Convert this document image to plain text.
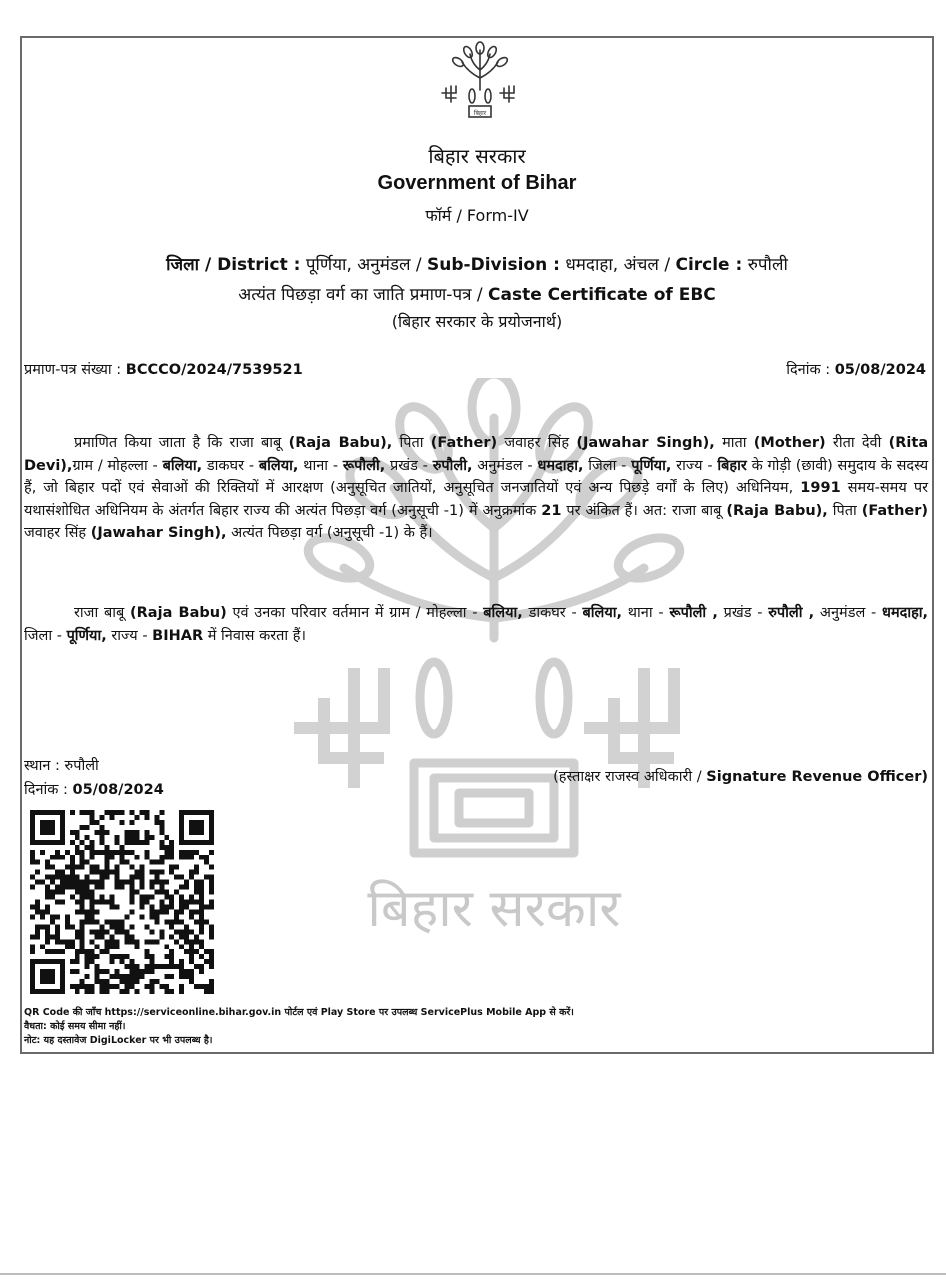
बिहार सरकार
बिहार
बिहार सरकार
Government of Bihar
फॉर्म / Form-IV
जिला / District : पूर्णिया, अनुमंडल / Sub-Division : धमदाहा, अंचल / Circle : रुपौली
अत्यंत पिछड़ा वर्ग का जाति प्रमाण-पत्र / Caste Certificate of EBC
(बिहार सरकार के प्रयोजनार्थ)
प्रमाण-पत्र संख्या : BCCCO/2024/7539521	दिनांक : 05/08/2024
प्रमाणित किया जाता है कि राजा बाबू (Raja Babu), पिता (Father) जवाहर सिंह (Jawahar Singh), माता (Mother) रीता देवी (Rita Devi),ग्राम / मोहल्ला - बलिया, डाकघर - बलिया, थाना - रूपौली, प्रखंड - रुपौली, अनुमंडल - धमदाहा, जिला - पूर्णिया, राज्य - बिहार के गोड़ी (छावी) समुदाय के सदस्य हैं, जो बिहार पदों एवं सेवाओं की रिक्तियों में आरक्षण (अनुसूचित जातियों, अनुसूचित जनजातियों एवं अन्य पिछड़े वर्गों के लिए) अधिनियम, 1991 समय-समय पर यथासंशोधित अधिनियम के अंतर्गत बिहार राज्य की अत्यंत पिछड़ा वर्ग (अनुसूची -1) में अनुक्रमांक 21 पर अंकित हैं। अत: राजा बाबू (Raja Babu), पिता (Father) जवाहर सिंह (Jawahar Singh), अत्यंत पिछड़ा वर्ग (अनुसूची -1) के हैं।
राजा बाबू (Raja Babu) एवं उनका परिवार वर्तमान में ग्राम / मोहल्ला - बलिया, डाकघर - बलिया, थाना - रूपौली , प्रखंड - रुपौली , अनुमंडल - धमदाहा, जिला - पूर्णिया, राज्य - BIHAR में निवास करता हैं।
स्थान : रुपौली
दिनांक : 05/08/2024
(हस्ताक्षर राजस्व अधिकारी / Signature Revenue Officer)
QR Code की जाँच https://serviceonline.bihar.gov.in पोर्टल एवं Play Store पर उपलब्ध ServicePlus Mobile App से करें।
वैधता: कोई समय सीमा नहीं।
नोट: यह दस्तावेज DigiLocker पर भी उपलब्ध है।
